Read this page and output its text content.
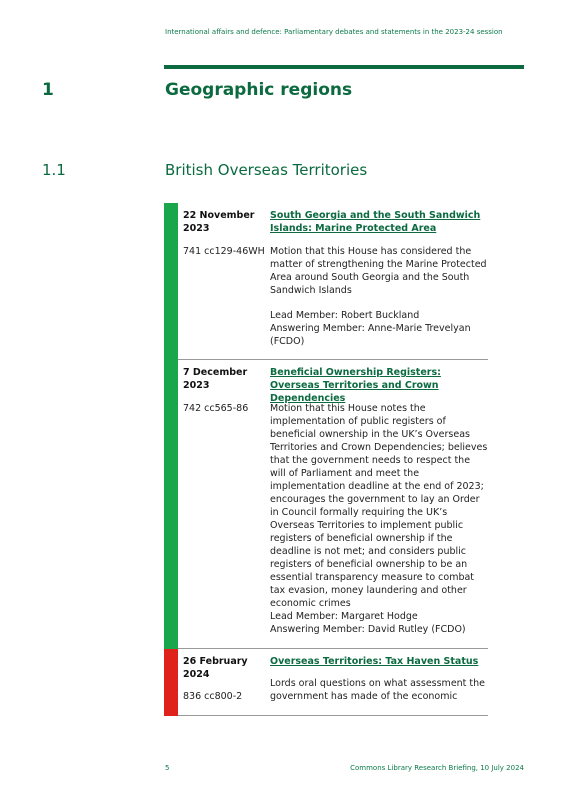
International affairs and defence: Parliamentary debates and statements in the 2023-24 session
1	Geographic regions
1.1	British Overseas Territories
22 November 2023
741 cc129-46WH
South Georgia and the South Sandwich Islands: Marine Protected Area
Motion that this House has considered the matter of strengthening the Marine Protected Area around South Georgia and the South Sandwich Islands
Lead Member: Robert Buckland
Answering Member: Anne-Marie Trevelyan (FCDO)
7 December 2023
742 cc565-86
Beneficial Ownership Registers: Overseas Territories and Crown Dependencies
Motion that this House notes the implementation of public registers of beneficial ownership in the UK’s Overseas Territories and Crown Dependencies; believes that the government needs to respect the will of Parliament and meet the implementation deadline at the end of 2023; encourages the government to lay an Order in Council formally requiring the UK’s Overseas Territories to implement public registers of beneficial ownership if the deadline is not met; and considers public registers of beneficial ownership to be an essential transparency measure to combat tax evasion, money laundering and other economic crimes
Lead Member: Margaret Hodge
Answering Member: David Rutley (FCDO)
26 February 2024
836 cc800-2
Overseas Territories: Tax Haven Status
Lords oral questions on what assessment the government has made of the economic
5	Commons Library Research Briefing, 10 July 2024
